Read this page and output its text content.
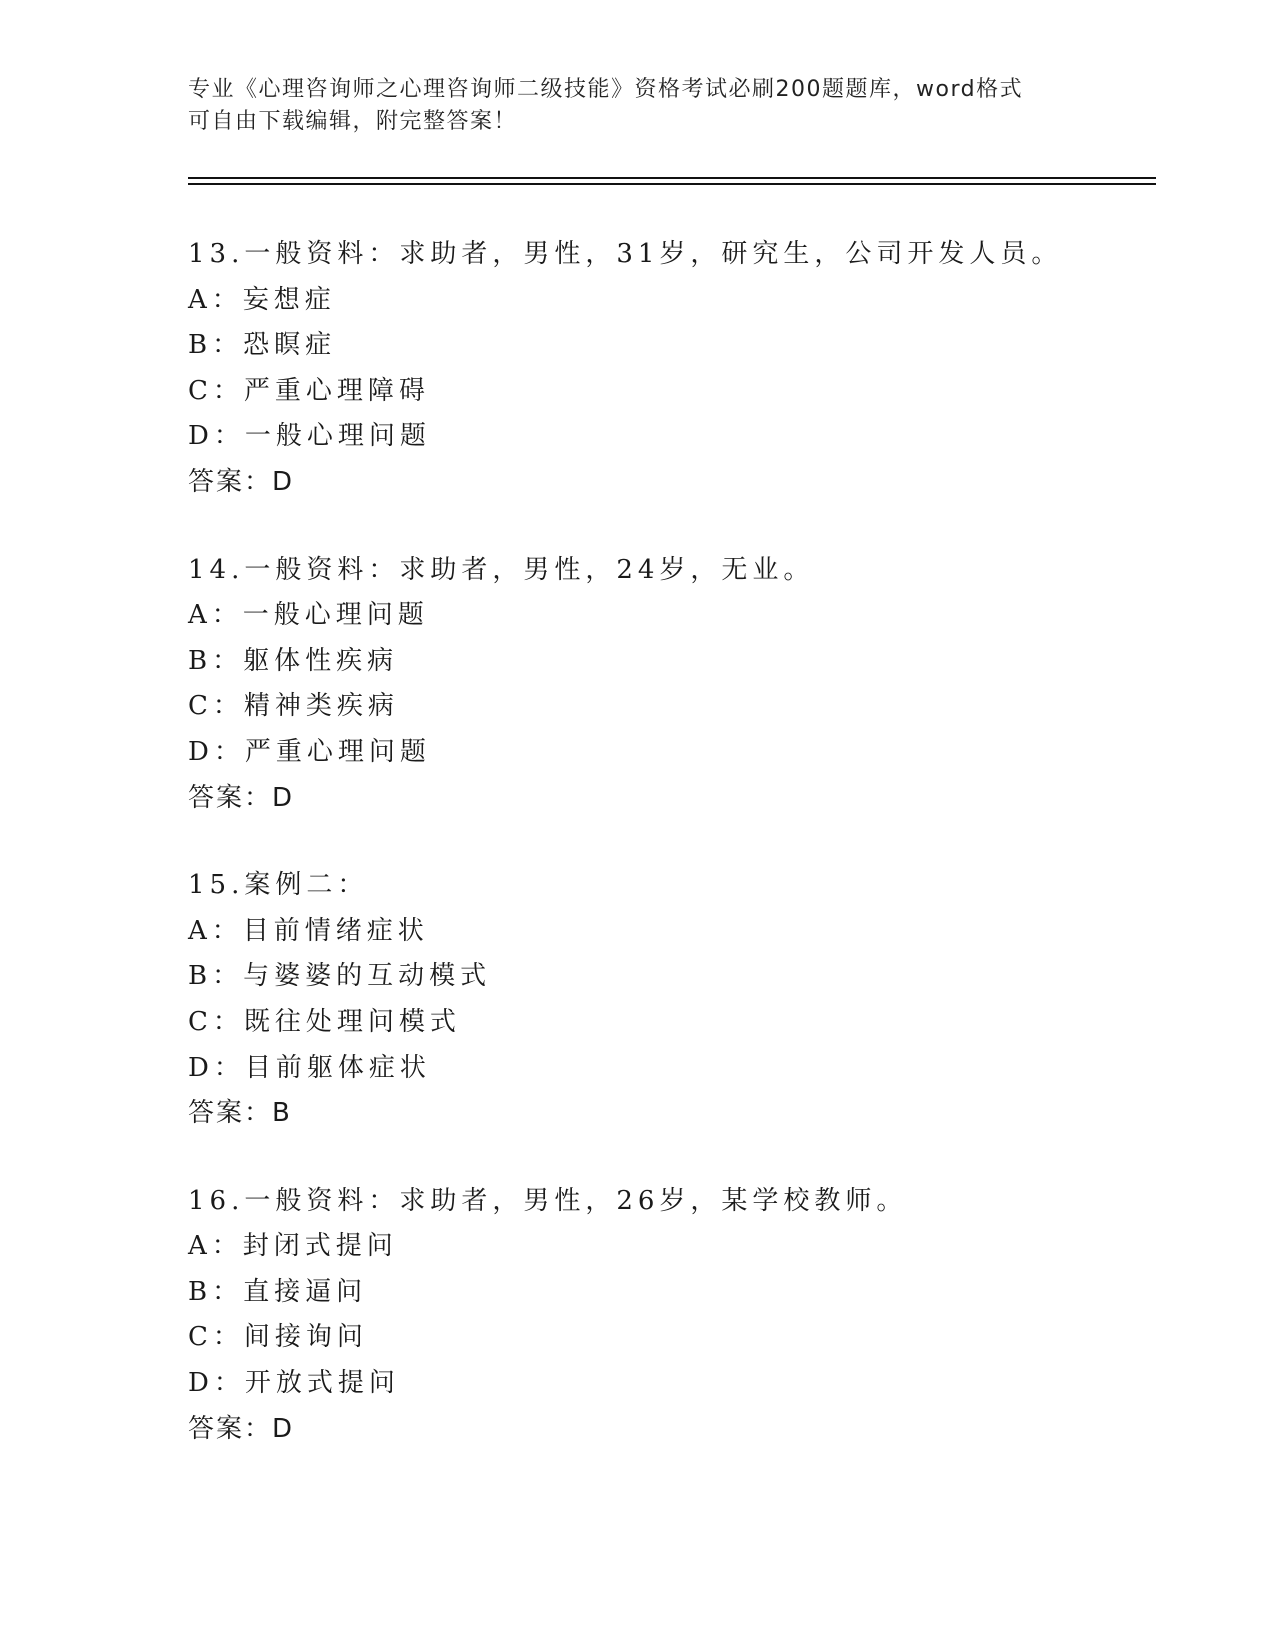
专业《心理咨询师之心理咨询师二级技能》资格考试必刷200题题库，word格式

可自由下载编辑，附完整答案！

13.一般资料：求助者，男性，31岁，研究生，公司开发人员。
A：妄想症
B：恐瞑症
C：严重心理障碍
D：一般心理问题
答案：D
14.一般资料：求助者，男性，24岁，无业。
A：一般心理问题
B：躯体性疾病
C：精神类疾病
D：严重心理问题
答案：D
15.案例二：
A：目前情绪症状
B：与婆婆的互动模式
C：既往处理问模式
D：目前躯体症状
答案：B
16.一般资料：求助者，男性，26岁，某学校教师。
A：封闭式提问
B：直接逼问
C：间接询问
D：开放式提问
答案：D
